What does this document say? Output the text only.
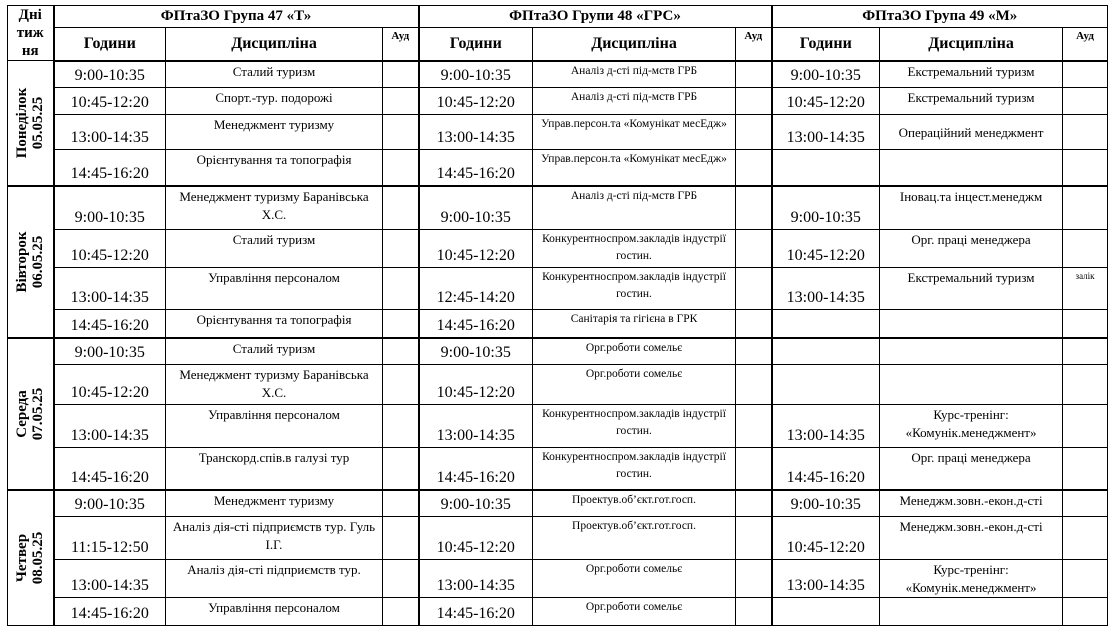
Дні
тиж
ня	ФПтаЗО Група 47 «Т»			ФПтаЗО Групи 48 «ГРС»			ФПтаЗО Група 49 «М»		
	Години	Дисципліна	Ауд	Години	Дисципліна	Ауд	Години	Дисципліна	Ауд

Понеділок 05.05.25	9:00-10:35	Сталий туризм		9:00-10:35	Аналіз д-сті під-мств ГРБ		9:00-10:35	Екстремальний туризм	
	10:45-12:20	Спорт.-тур. подорожі		10:45-12:20	Аналіз д-сті під-мств ГРБ		10:45-12:20	Екстремальний туризм	
	13:00-14:35	Менеджмент туризму		13:00-14:35	Управ.персон.та «Комунікат месЕдж»		13:00-14:35	Операційний менеджмент	
	14:45-16:20	Орієнтування та топографія		14:45-16:20	Управ.персон.та «Комунікат месЕдж»				

Вівторок 06.05.25	9:00-10:35	Менеджмент туризму Баранівська Х.С.		9:00-10:35	Аналіз д-сті під-мств ГРБ		9:00-10:35	Іновац.та інцест.менеджм	
	10:45-12:20	Сталий туризм		10:45-12:20	Конкурентноспром.закладів індустрії гостин.		10:45-12:20	Орг. праці менеджера	
	13:00-14:35	Управління персоналом		12:45-14:20	Конкурентноспром.закладів індустрії гостин.		13:00-14:35	Екстремальний туризм	залік
	14:45-16:20	Орієнтування та топографія		14:45-16:20	Санітарія та гігієна в ГРК				

Середа 07.05.25	9:00-10:35	Сталий туризм		9:00-10:35	Орг.роботи сомельє				
	10:45-12:20	Менеджмент туризму Баранівська Х.С.		10:45-12:20	Орг.роботи сомельє				
	13:00-14:35	Управління персоналом		13:00-14:35	Конкурентноспром.закладів індустрії гостин.		13:00-14:35	Курс-тренінг: «Комунік.менеджмент»	
	14:45-16:20	Транскорд.спів.в галузі тур		14:45-16:20	Конкурентноспром.закладів індустрії гостин.		14:45-16:20	Орг. праці менеджера	

Четвер 08.05.25	9:00-10:35	Менеджмент туризму		9:00-10:35	Проектув.об’єкт.гот.госп.		9:00-10:35	Менеджм.зовн.-екон.д-сті	
	11:15-12:50	Аналіз дія-сті підприємств тур. Гуль І.Г.		10:45-12:20	Проектув.об’єкт.гот.госп.		10:45-12:20	Менеджм.зовн.-екон.д-сті	
	13:00-14:35	Аналіз дія-сті підприємств тур.		13:00-14:35	Орг.роботи сомельє		13:00-14:35	Курс-тренінг: «Комунік.менеджмент»	
	14:45-16:20	Управління персоналом		14:45-16:20	Орг.роботи сомельє				
